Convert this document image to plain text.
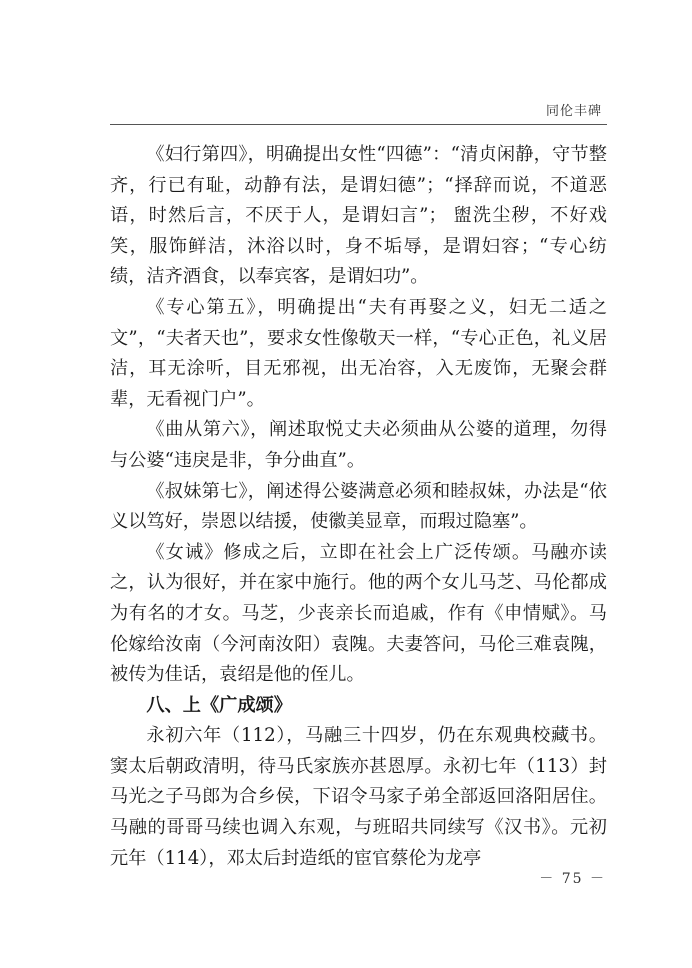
同伦丰碑

《妇行第四》，明确提出女性“四德”：“清贞闲静，守节整齐，行已有耻，动静有法，是谓妇德”；“择辞而说，不道恶语，时然后言，不厌于人，是谓妇言”； 盥洗尘秽，不好戏笑，服饰鲜洁，沐浴以时，身不垢辱，是谓妇容；“专心纺绩，洁齐酒食，以奉宾客，是谓妇功”。

《专心第五》，明确提出“夫有再娶之义，妇无二适之文”，“夫者天也”，要求女性像敬天一样，“专心正色，礼义居洁，耳无涂听，目无邪视，出无冶容，入无废饰，无聚会群辈，无看视门户”。

《曲从第六》，阐述取悦丈夫必须曲从公婆的道理，勿得与公婆“违戾是非，争分曲直”。

《叔妹第七》，阐述得公婆满意必须和睦叔妹，办法是“依义以笃好，崇恩以结援，使徽美显章，而瑕过隐塞”。

《女诫》修成之后，立即在社会上广泛传颂。马融亦读之，认为很好，并在家中施行。他的两个女儿马芝、马伦都成为有名的才女。马芝，少丧亲长而追戚，作有《申情赋》。马伦嫁给汝南（今河南汝阳）袁隗。夫妻答问，马伦三难袁隗，被传为佳话，袁绍是他的侄儿。

八、上《广成颂》

永初六年（112），马融三十四岁，仍在东观典校藏书。窦太后朝政清明，待马氏家族亦甚恩厚。永初七年（113）封马光之子马郎为合乡侯，下诏令马家子弟全部返回洛阳居住。马融的哥哥马续也调入东观，与班昭共同续写《汉书》。元初元年（114），邓太后封造纸的宦官蔡伦为龙亭

－ 75 －
